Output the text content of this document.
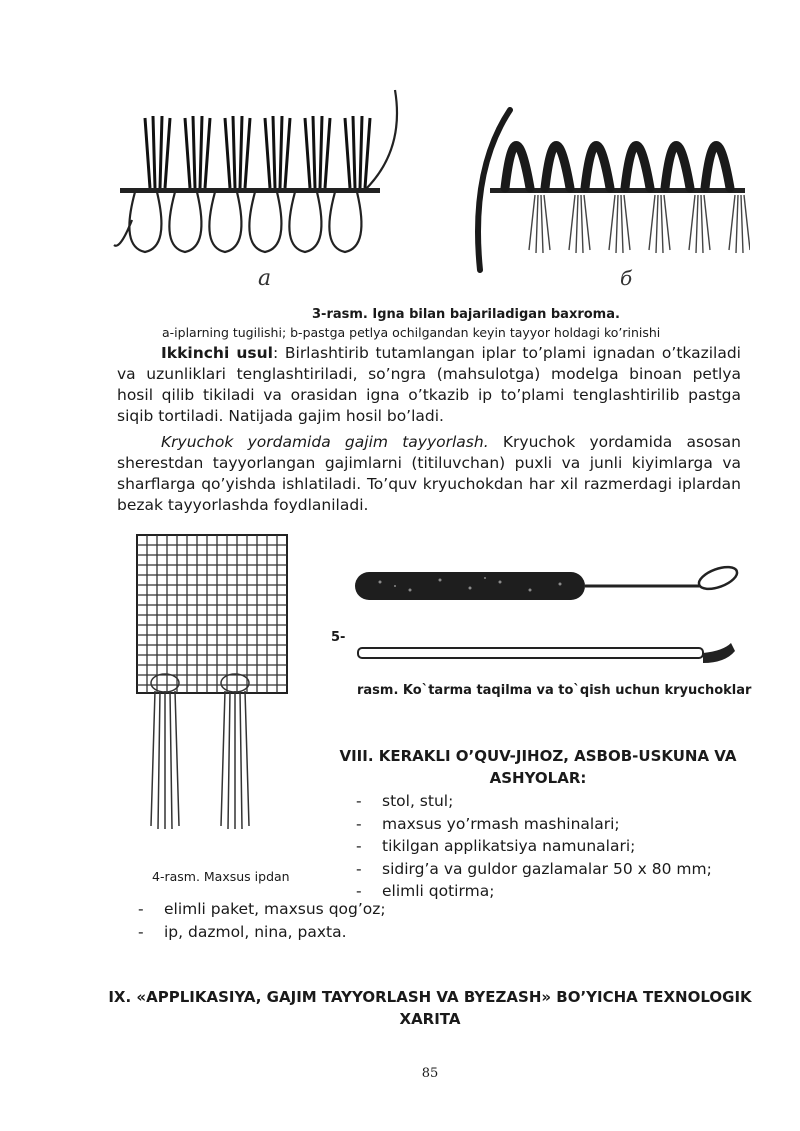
a	б
3-rasm. Igna bilan bajariladigan baxroma.
a-iplarning tugilishi; b-pastga petlya ochilgandan keyin tayyor holdagi ko’rinishi
Ikkinchi usul: Birlashtirib tutamlangan iplar to’plami ignadan o’tkaziladi va uzunliklari tenglashtiriladi, so’ngra (mahsulotga) modelga binoan petlya hosil qilib tikiladi va orasidan igna o’tkazib ip to’plami tenglashtirilib pastga siqib tortiladi. Natijada gajim hosil bo’ladi.
Kryuchok yordamida gajim tayyorlash. Kryuchok yordamida asosan sherestdan tayyorlangan gajimlarni (titiluvchan) puxli va junli kiyimlarga va sharflarga qo’yishda ishlatiladi. To’quv kryuchokdan har xil razmerdagi iplardan bezak tayyorlashda foydlaniladi.
4-rasm. Maxsus ipdan
5-
rasm. Ko`tarma taqilma va to`qish uchun kryuchoklar
VIII. KERAKLI O’QUV-JIHOZ, ASBOB-USKUNA VA
ASHYOLAR:
- stol, stul;
- maxsus yo’rmash mashinalari;
- tikilgan applikatsiya namunalari;
- sidirg’a va guldor gazlamalar 50 x 80 mm;
- elimli qotirma;
- elimli paket, maxsus qog’oz;
- ip, dazmol, nina, paxta.
IX. «APPLIKASIYA, GAJIM TAYYORLASH VA BYEZASH» BO’YICHA TEXNOLOGIK
XARITA
85
